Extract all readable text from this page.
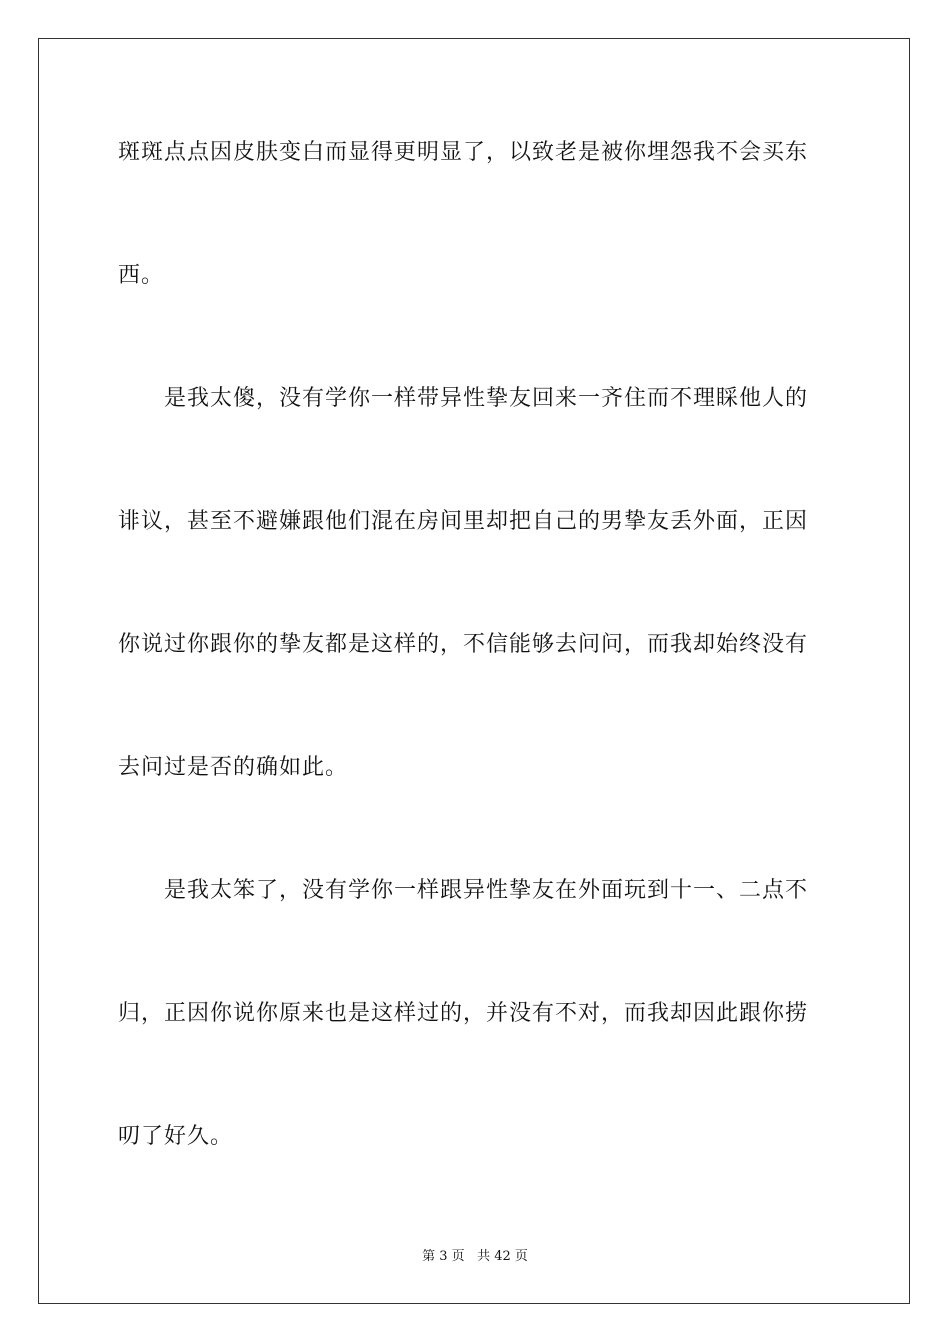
斑斑点点因皮肤变白而显得更明显了，以致老是被你埋怨我不会买东
西。
是我太傻，没有学你一样带异性挚友回来一齐住而不理睬他人的
诽议，甚至不避嫌跟他们混在房间里却把自己的男挚友丢外面，正因
你说过你跟你的挚友都是这样的，不信能够去问问，而我却始终没有
去问过是否的确如此。
是我太笨了，没有学你一样跟异性挚友在外面玩到十一、二点不
归，正因你说你原来也是这样过的，并没有不对，而我却因此跟你捞
叨了好久。
第 3 页 共 42 页
